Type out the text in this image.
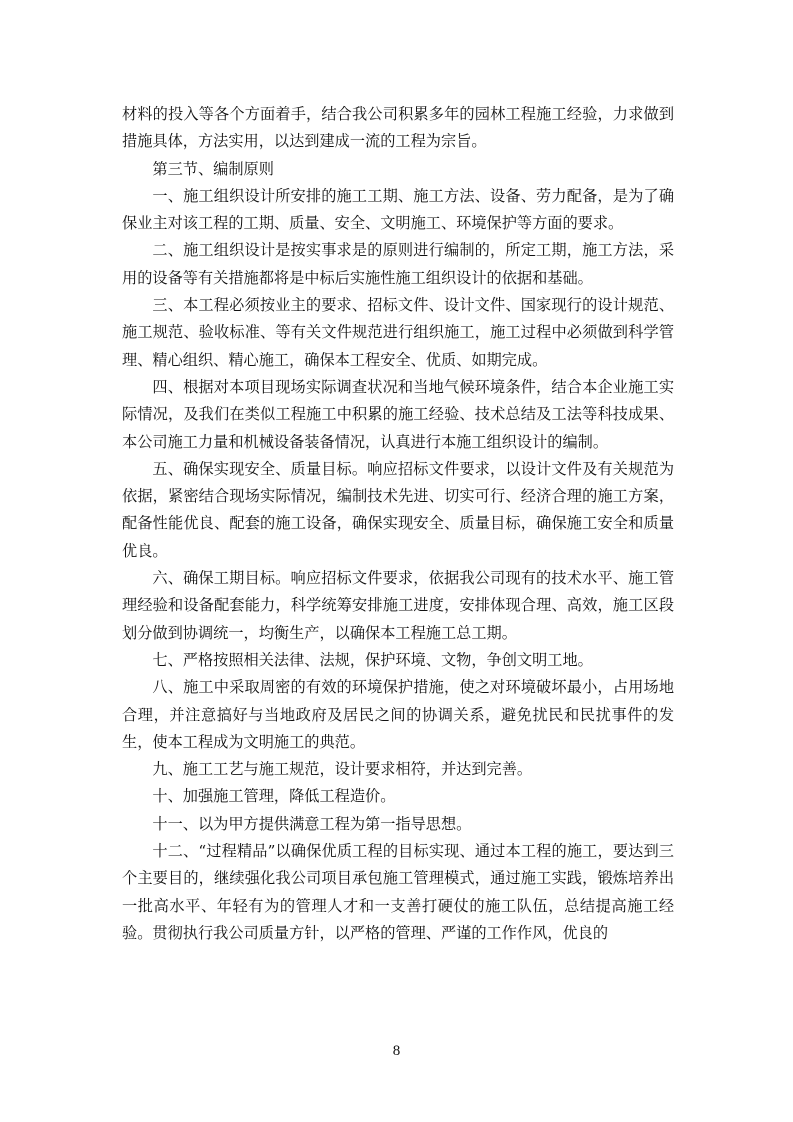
材料的投入等各个方面着手，结合我公司积累多年的园林工程施工经验，力求做到措施具体，方法实用，以达到建成一流的工程为宗旨。

第三节、编制原则

一、施工组织设计所安排的施工工期、施工方法、设备、劳力配备，是为了确保业主对该工程的工期、质量、安全、文明施工、环境保护等方面的要求。

二、施工组织设计是按实事求是的原则进行编制的，所定工期，施工方法，采用的设备等有关措施都将是中标后实施性施工组织设计的依据和基础。

三、本工程必须按业主的要求、招标文件、设计文件、国家现行的设计规范、施工规范、验收标准、等有关文件规范进行组织施工，施工过程中必须做到科学管理、精心组织、精心施工，确保本工程安全、优质、如期完成。

四、根据对本项目现场实际调查状况和当地气候环境条件，结合本企业施工实际情况，及我们在类似工程施工中积累的施工经验、技术总结及工法等科技成果、本公司施工力量和机械设备装备情况，认真进行本施工组织设计的编制。

五、确保实现安全、质量目标。响应招标文件要求，以设计文件及有关规范为依据，紧密结合现场实际情况，编制技术先进、切实可行、经济合理的施工方案，配备性能优良、配套的施工设备，确保实现安全、质量目标，确保施工安全和质量优良。

六、确保工期目标。响应招标文件要求，依据我公司现有的技术水平、施工管理经验和设备配套能力，科学统筹安排施工进度，安排体现合理、高效，施工区段划分做到协调统一，均衡生产，以确保本工程施工总工期。

七、严格按照相关法律、法规，保护环境、文物，争创文明工地。

八、施工中采取周密的有效的环境保护措施，使之对环境破坏最小，占用场地合理，并注意搞好与当地政府及居民之间的协调关系，避免扰民和民扰事件的发生，使本工程成为文明施工的典范。

九、施工工艺与施工规范，设计要求相符，并达到完善。

十、加强施工管理，降低工程造价。

十一、以为甲方提供满意工程为第一指导思想。

十二、“过程精品”以确保优质工程的目标实现、通过本工程的施工，要达到三个主要目的，继续强化我公司项目承包施工管理模式，通过施工实践，锻炼培养出一批高水平、年轻有为的管理人才和一支善打硬仗的施工队伍，总结提高施工经验。贯彻执行我公司质量方针，以严格的管理、严谨的工作作风，优良的

8
